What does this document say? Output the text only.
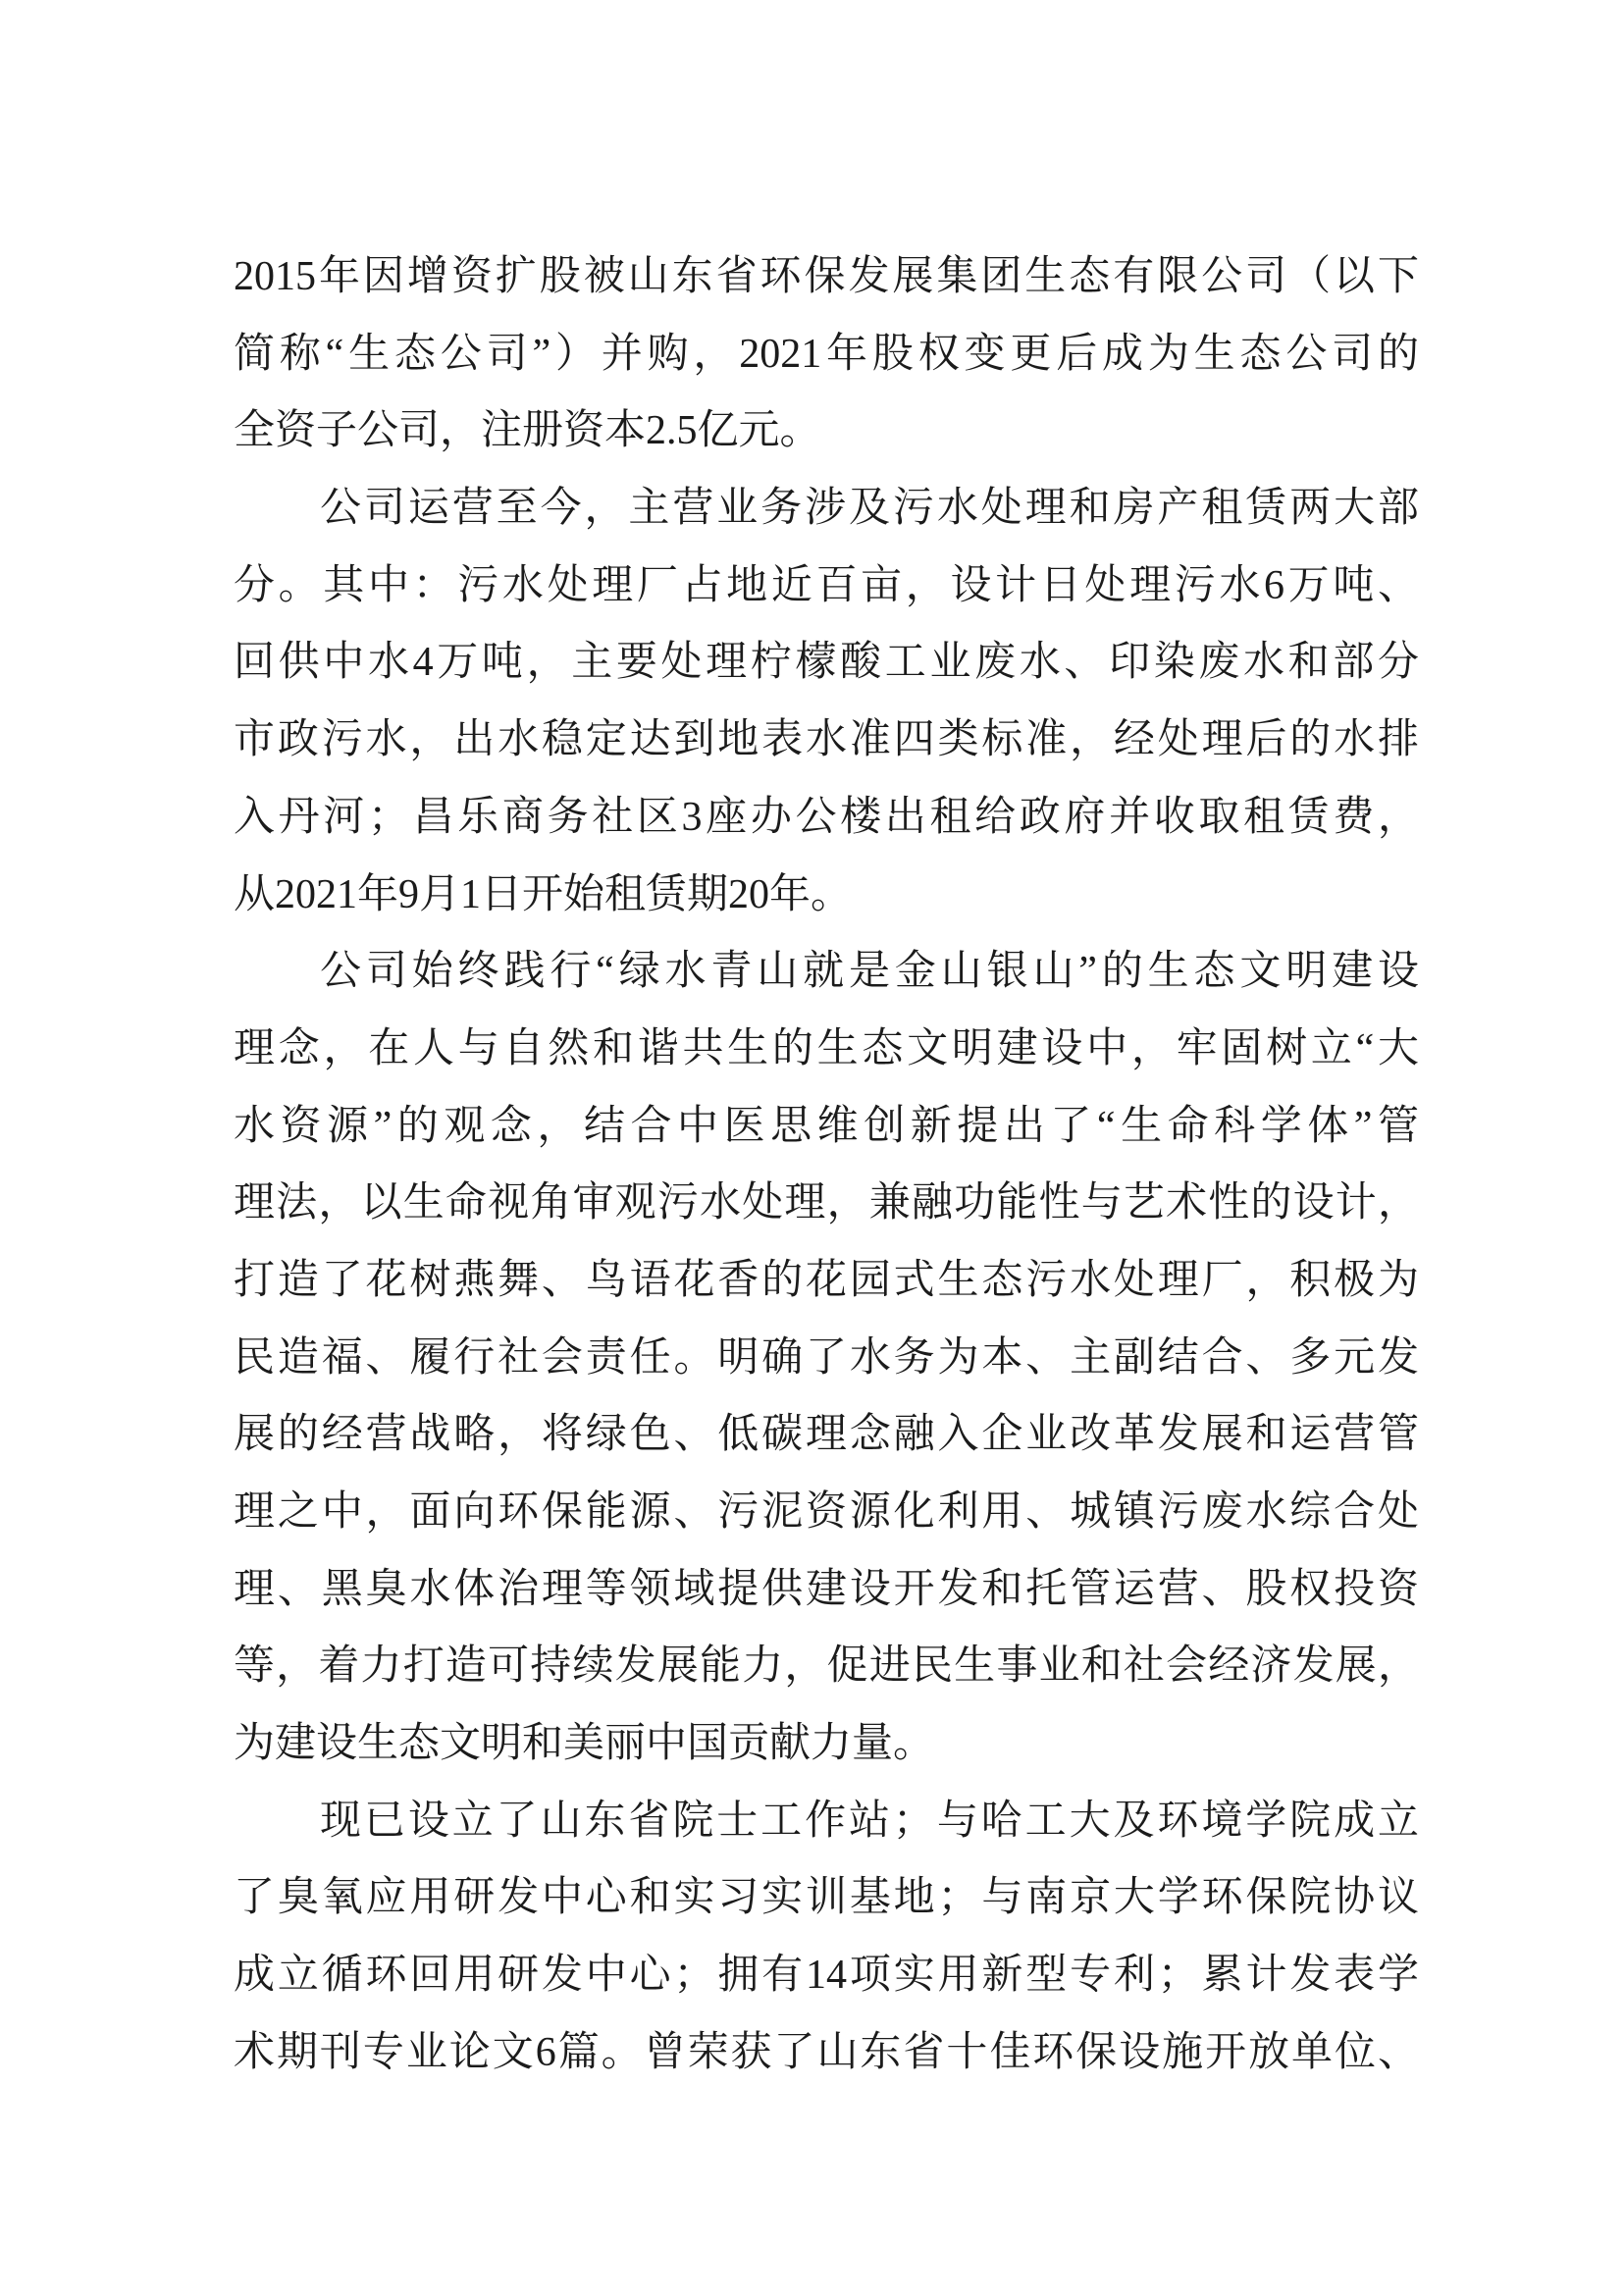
2015年因增资扩股被山东省环保发展集团生态有限公司（以下
简称“生态公司”）并购，2021年股权变更后成为生态公司的
全资子公司，注册资本2.5亿元。
公司运营至今，主营业务涉及污水处理和房产租赁两大部
分。其中：污水处理厂占地近百亩，设计日处理污水6万吨、
回供中水4万吨，主要处理柠檬酸工业废水、印染废水和部分
市政污水，出水稳定达到地表水准四类标准，经处理后的水排
入丹河；昌乐商务社区3座办公楼出租给政府并收取租赁费，
从2021年9月1日开始租赁期20年。
公司始终践行“绿水青山就是金山银山”的生态文明建设
理念，在人与自然和谐共生的生态文明建设中，牢固树立“大
水资源”的观念，结合中医思维创新提出了“生命科学体”管
理法，以生命视角审观污水处理，兼融功能性与艺术性的设计，
打造了花树燕舞、鸟语花香的花园式生态污水处理厂，积极为
民造福、履行社会责任。明确了水务为本、主副结合、多元发
展的经营战略，将绿色、低碳理念融入企业改革发展和运营管
理之中，面向环保能源、污泥资源化利用、城镇污废水综合处
理、黑臭水体治理等领域提供建设开发和托管运营、股权投资
等，着力打造可持续发展能力，促进民生事业和社会经济发展，
为建设生态文明和美丽中国贡献力量。
现已设立了山东省院士工作站；与哈工大及环境学院成立
了臭氧应用研发中心和实习实训基地；与南京大学环保院协议
成立循环回用研发中心；拥有14项实用新型专利；累计发表学
术期刊专业论文6篇。曾荣获了山东省十佳环保设施开放单位、
